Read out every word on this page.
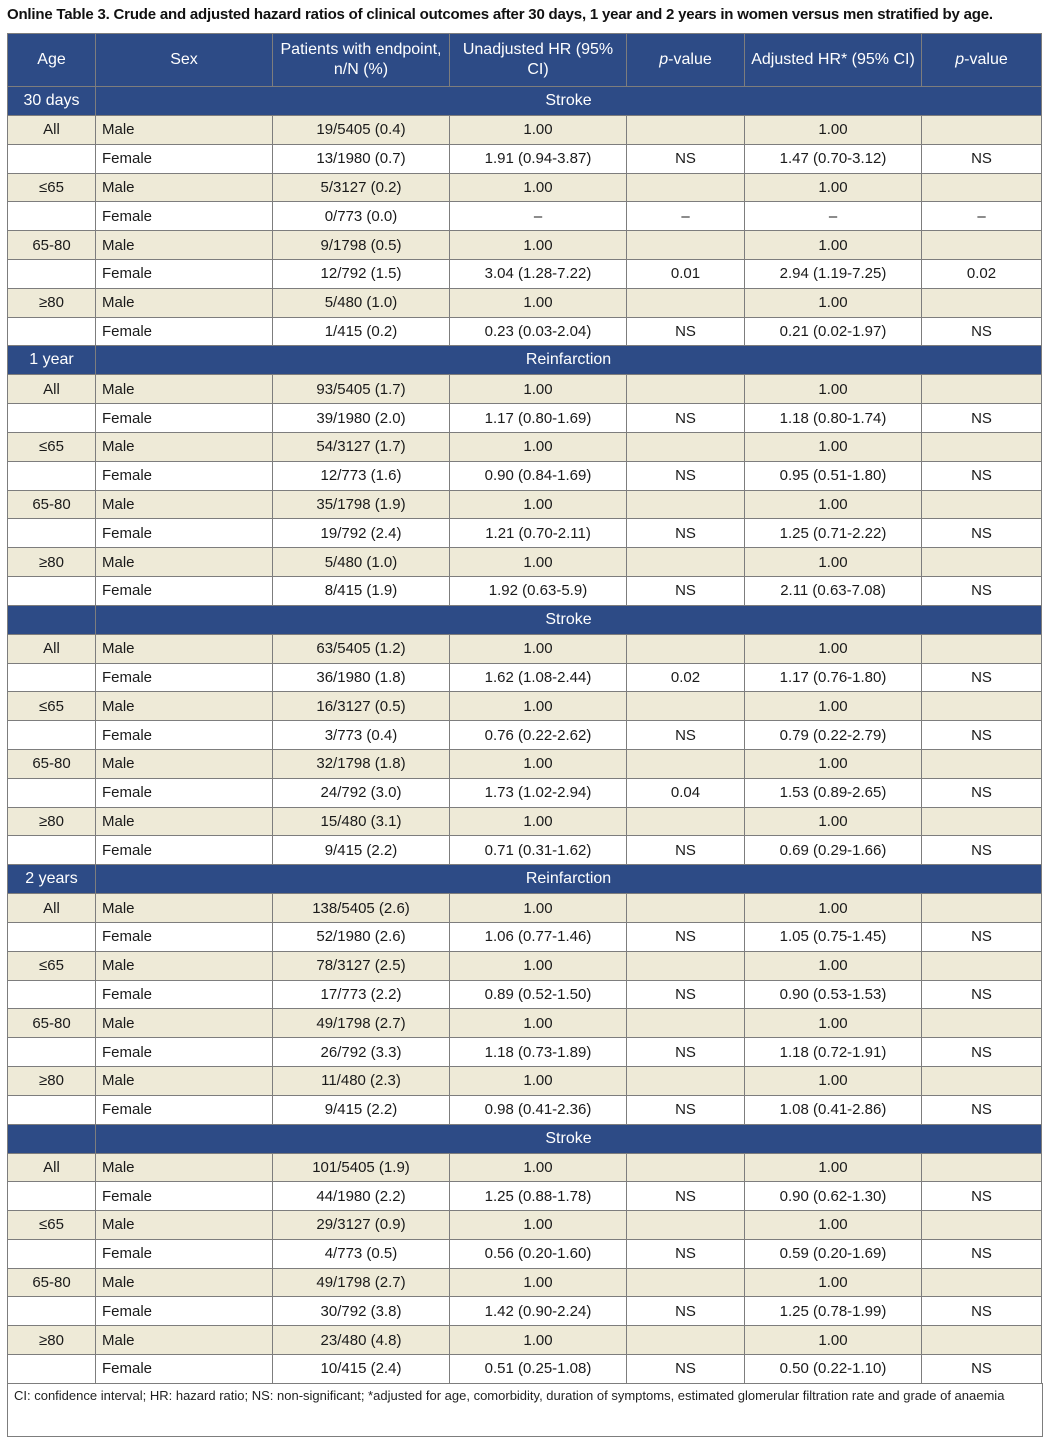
Online Table 3. Crude and adjusted hazard ratios of clinical outcomes after 30 days, 1 year and 2 years in women versus men stratified by age.
Age	Sex	Patients with endpoint, n/N (%)	Unadjusted HR (95% CI)	p-value	Adjusted HR* (95% CI)	p-value
30 days	Stroke					
All	Male	19/5405 (0.4)	1.00		1.00	
	Female	13/1980 (0.7)	1.91 (0.94-3.87)	NS	1.47 (0.70-3.12)	NS
≤65	Male	5/3127 (0.2)	1.00		1.00	
	Female	0/773 (0.0)	–	–	–	–
65-80	Male	9/1798 (0.5)	1.00		1.00	
	Female	12/792 (1.5)	3.04 (1.28-7.22)	0.01	2.94 (1.19-7.25)	0.02
≥80	Male	5/480 (1.0)	1.00		1.00	
	Female	1/415 (0.2)	0.23 (0.03-2.04)	NS	0.21 (0.02-1.97)	NS
1 year	Reinfarction					
All	Male	93/5405 (1.7)	1.00		1.00	
	Female	39/1980 (2.0)	1.17 (0.80-1.69)	NS	1.18 (0.80-1.74)	NS
≤65	Male	54/3127 (1.7)	1.00		1.00	
	Female	12/773 (1.6)	0.90 (0.84-1.69)	NS	0.95 (0.51-1.80)	NS
65-80	Male	35/1798 (1.9)	1.00		1.00	
	Female	19/792 (2.4)	1.21 (0.70-2.11)	NS	1.25 (0.71-2.22)	NS
≥80	Male	5/480 (1.0)	1.00		1.00	
	Female	8/415 (1.9)	1.92 (0.63-5.9)	NS	2.11 (0.63-7.08)	NS
	Stroke					
All	Male	63/5405 (1.2)	1.00		1.00	
	Female	36/1980 (1.8)	1.62 (1.08-2.44)	0.02	1.17 (0.76-1.80)	NS
≤65	Male	16/3127 (0.5)	1.00		1.00	
	Female	3/773 (0.4)	0.76 (0.22-2.62)	NS	0.79 (0.22-2.79)	NS
65-80	Male	32/1798 (1.8)	1.00		1.00	
	Female	24/792 (3.0)	1.73 (1.02-2.94)	0.04	1.53 (0.89-2.65)	NS
≥80	Male	15/480 (3.1)	1.00		1.00	
	Female	9/415 (2.2)	0.71 (0.31-1.62)	NS	0.69 (0.29-1.66)	NS
2 years	Reinfarction					
All	Male	138/5405 (2.6)	1.00		1.00	
	Female	52/1980 (2.6)	1.06 (0.77-1.46)	NS	1.05 (0.75-1.45)	NS
≤65	Male	78/3127 (2.5)	1.00		1.00	
	Female	17/773 (2.2)	0.89 (0.52-1.50)	NS	0.90 (0.53-1.53)	NS
65-80	Male	49/1798 (2.7)	1.00		1.00	
	Female	26/792 (3.3)	1.18 (0.73-1.89)	NS	1.18 (0.72-1.91)	NS
≥80	Male	11/480 (2.3)	1.00		1.00	
	Female	9/415 (2.2)	0.98 (0.41-2.36)	NS	1.08 (0.41-2.86)	NS
	Stroke					
All	Male	101/5405 (1.9)	1.00		1.00	
	Female	44/1980 (2.2)	1.25 (0.88-1.78)	NS	0.90 (0.62-1.30)	NS
≤65	Male	29/3127 (0.9)	1.00		1.00	
	Female	4/773 (0.5)	0.56 (0.20-1.60)	NS	0.59 (0.20-1.69)	NS
65-80	Male	49/1798 (2.7)	1.00		1.00	
	Female	30/792 (3.8)	1.42 (0.90-2.24)	NS	1.25 (0.78-1.99)	NS
≥80	Male	23/480 (4.8)	1.00		1.00	
	Female	10/415 (2.4)	0.51 (0.25-1.08)	NS	0.50 (0.22-1.10)	NS
CI: confidence interval; HR: hazard ratio; NS: non-significant; *adjusted for age, comorbidity, duration of symptoms, estimated glomerular filtration rate and grade of anaemia
